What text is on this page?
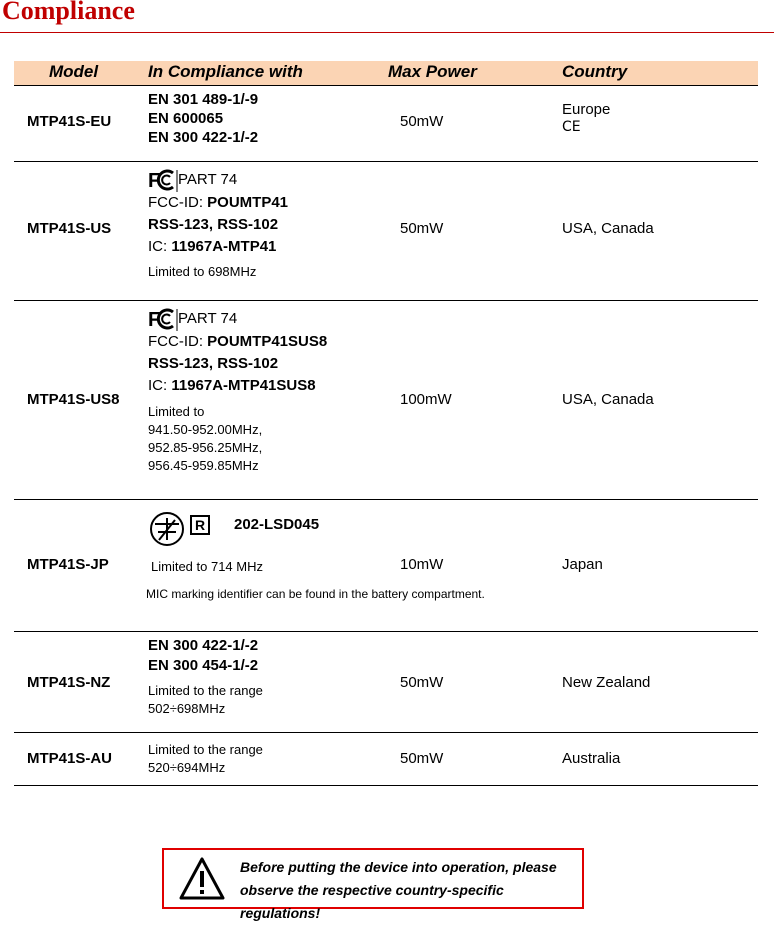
Compliance
Model	In Compliance with	Max Power	Country
MTP41S-EU
EN 301 489-1/-9
EN 600065
EN 300 422-1/-2
50mW
Europe
CE
MTP41S-US
F PART 74
FCC-ID: POUMTP41
RSS-123, RSS-102
IC: 11967A-MTP41
Limited to 698MHz
50mW	USA, Canada
MTP41S-US8
F PART 74
FCC-ID: POUMTP41SUS8
RSS-123, RSS-102
IC: 11967A-MTP41SUS8
Limited to
941.50-952.00MHz,
952.85-956.25MHz,
956.45-959.85MHz
100mW	USA, Canada
MTP41S-JP
R	202-LSD045
Limited to 714 MHz
MIC marking identifier can be found in the battery compartment.
10mW	Japan
MTP41S-NZ
EN 300 422-1/-2
EN 300 454-1/-2
Limited to the range
502÷698MHz
50mW	New Zealand
MTP41S-AU
Limited to the range
520÷694MHz
50mW	Australia
Before putting the device into operation, please
observe the respective country-specific regulations!
